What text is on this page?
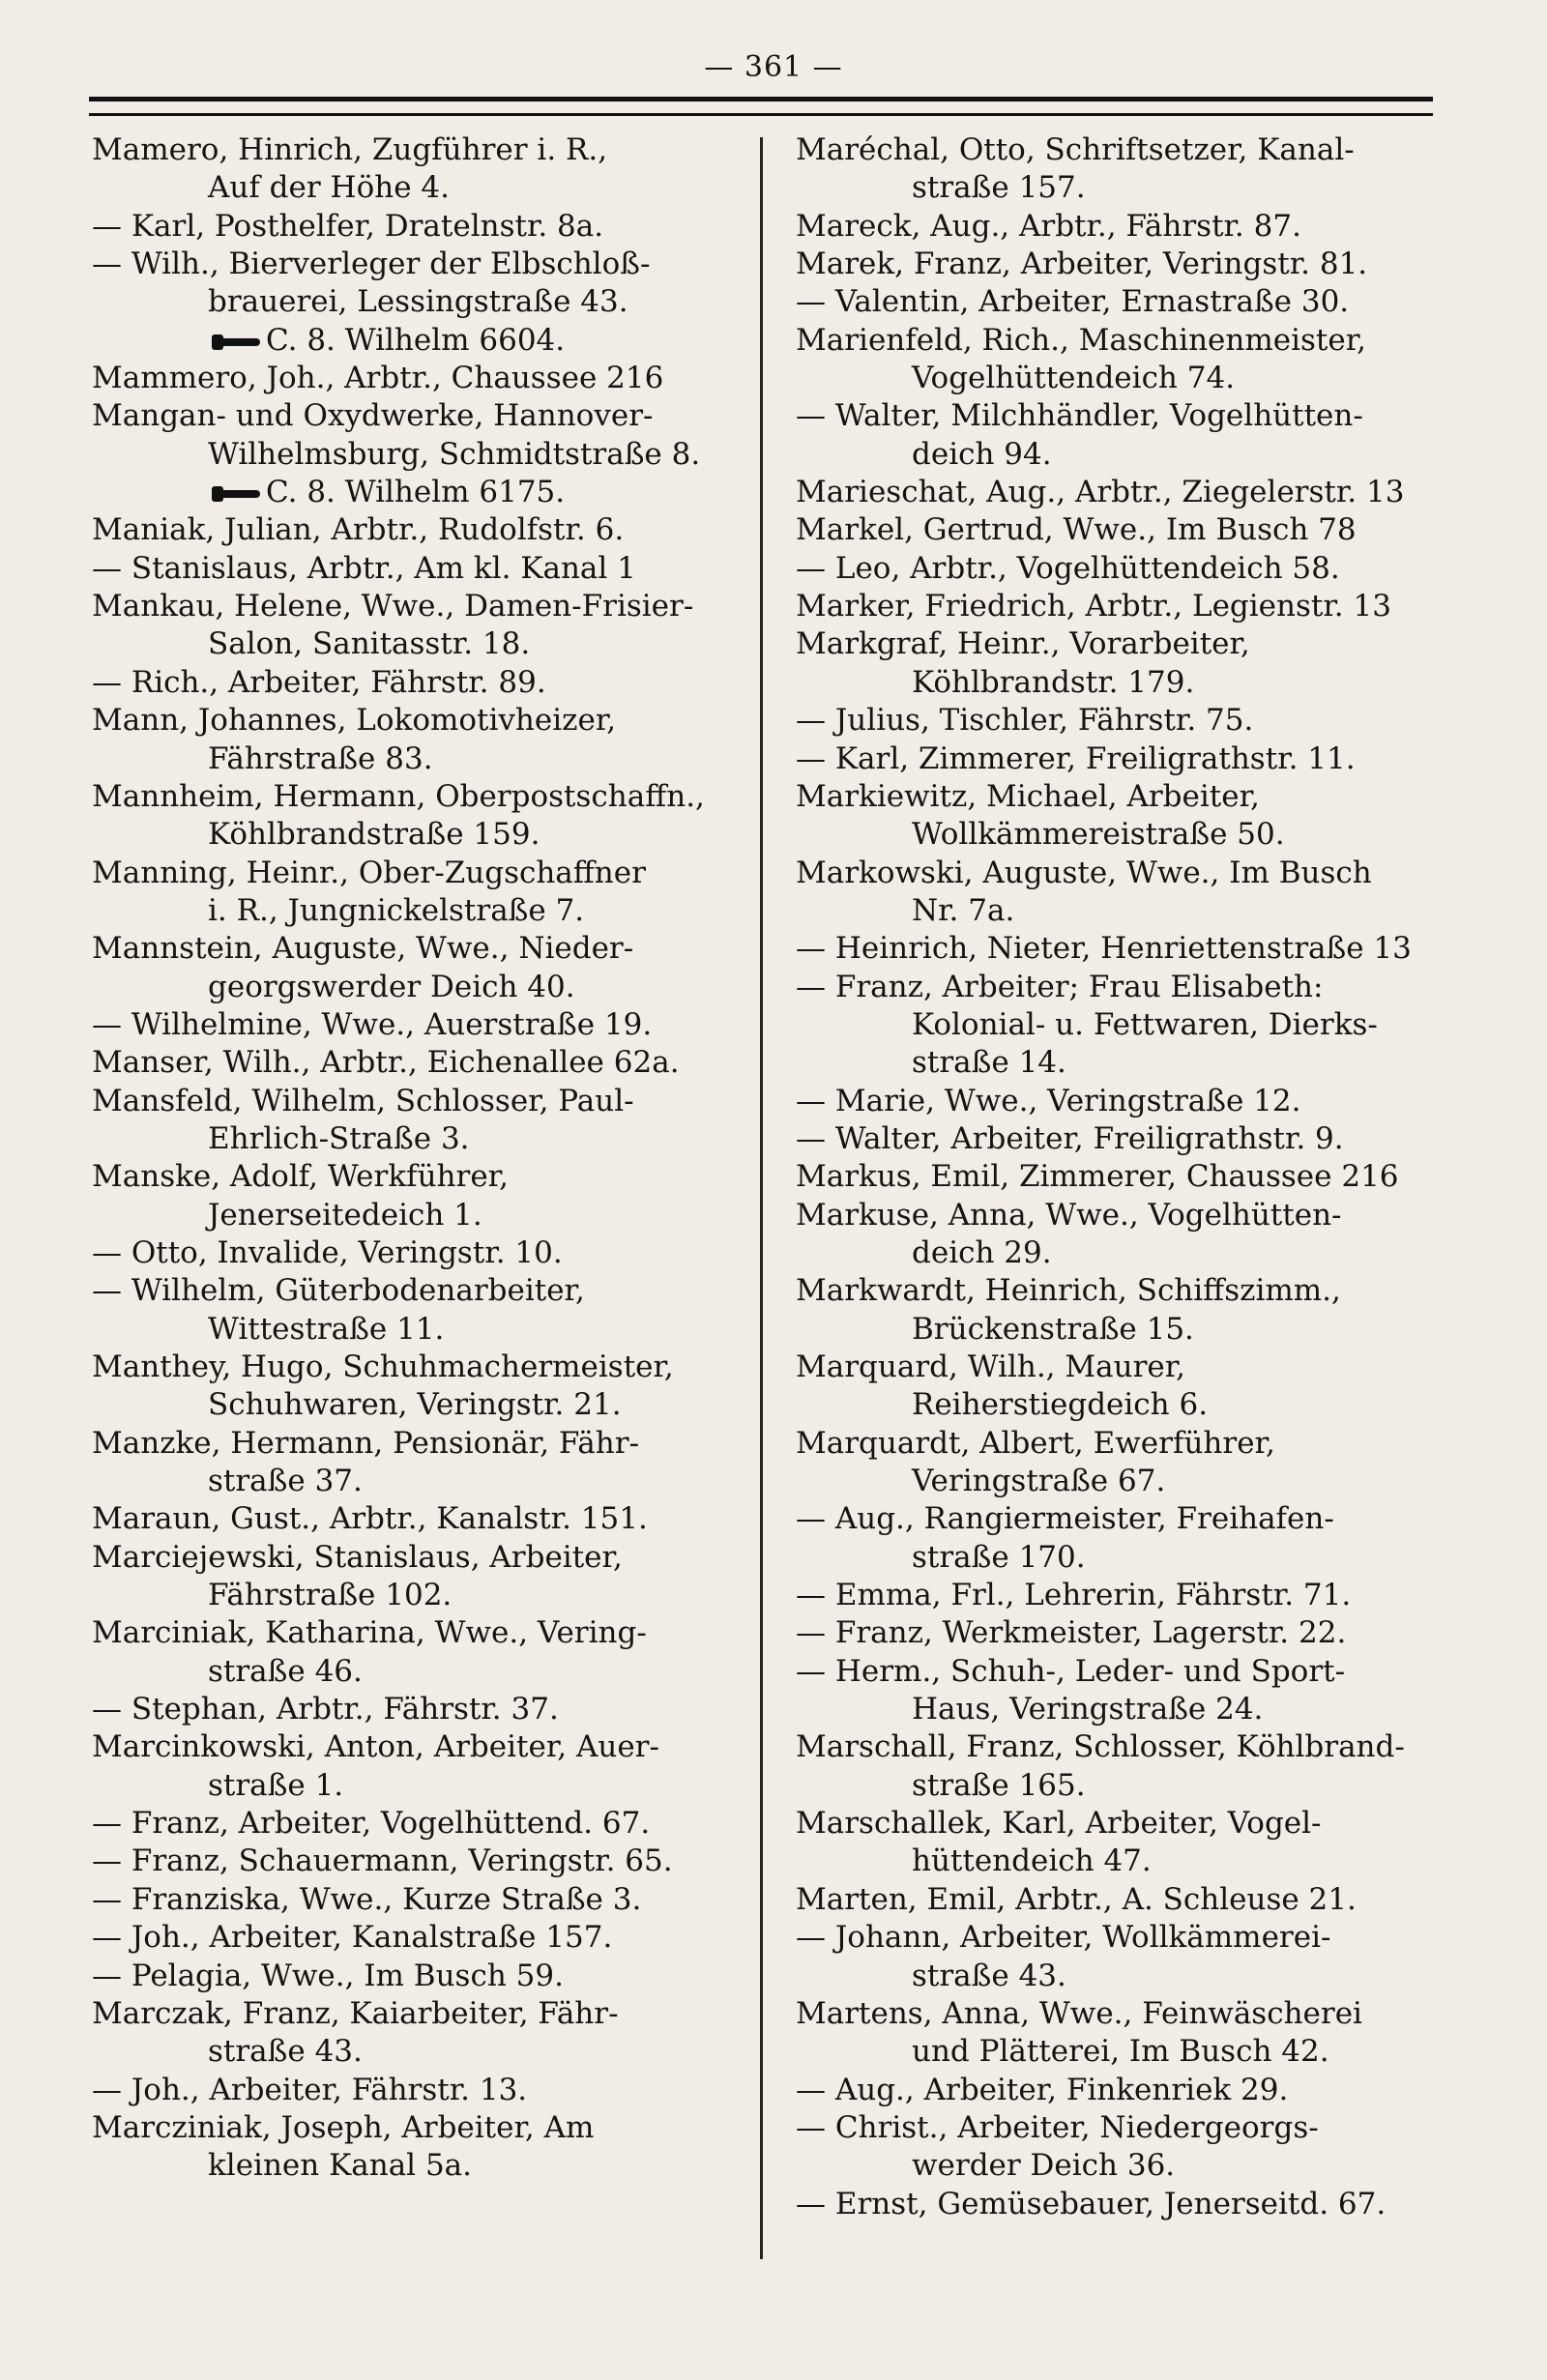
— 361 —
Mamero, Hinrich, Zugführer i. R.,
Auf der Höhe 4.
— Karl, Posthelfer, Dratelnstr. 8a.
— Wilh., Bierverleger der Elbschloß-
brauerei, Lessingstraße 43.
C. 8. Wilhelm 6604.
Mammero, Joh., Arbtr., Chaussee 216
Mangan- und Oxydwerke, Hannover-
Wilhelmsburg, Schmidtstraße 8.
C. 8. Wilhelm 6175.
Maniak, Julian, Arbtr., Rudolfstr. 6.
— Stanislaus, Arbtr., Am kl. Kanal 1
Mankau, Helene, Wwe., Damen-Frisier-
Salon, Sanitasstr. 18.
— Rich., Arbeiter, Fährstr. 89.
Mann, Johannes, Lokomotivheizer,
Fährstraße 83.
Mannheim, Hermann, Oberpostschaffn.,
Köhlbrandstraße 159.
Manning, Heinr., Ober-Zugschaffner
i. R., Jungnickelstraße 7.
Mannstein, Auguste, Wwe., Nieder-
georgswerder Deich 40.
— Wilhelmine, Wwe., Auerstraße 19.
Manser, Wilh., Arbtr., Eichenallee 62a.
Mansfeld, Wilhelm, Schlosser, Paul-
Ehrlich-Straße 3.
Manske, Adolf, Werkführer,
Jenerseitedeich 1.
— Otto, Invalide, Veringstr. 10.
— Wilhelm, Güterbodenarbeiter,
Wittestraße 11.
Manthey, Hugo, Schuhmachermeister,
Schuhwaren, Veringstr. 21.
Manzke, Hermann, Pensionär, Fähr-
straße 37.
Maraun, Gust., Arbtr., Kanalstr. 151.
Marciejewski, Stanislaus, Arbeiter,
Fährstraße 102.
Marciniak, Katharina, Wwe., Vering-
straße 46.
— Stephan, Arbtr., Fährstr. 37.
Marcinkowski, Anton, Arbeiter, Auer-
straße 1.
— Franz, Arbeiter, Vogelhüttend. 67.
— Franz, Schauermann, Veringstr. 65.
— Franziska, Wwe., Kurze Straße 3.
— Joh., Arbeiter, Kanalstraße 157.
— Pelagia, Wwe., Im Busch 59.
Marczak, Franz, Kaiarbeiter, Fähr-
straße 43.
— Joh., Arbeiter, Fährstr. 13.
Marcziniak, Joseph, Arbeiter, Am
kleinen Kanal 5a.
Maréchal, Otto, Schriftsetzer, Kanal-
straße 157.
Mareck, Aug., Arbtr., Fährstr. 87.
Marek, Franz, Arbeiter, Veringstr. 81.
— Valentin, Arbeiter, Ernastraße 30.
Marienfeld, Rich., Maschinenmeister,
Vogelhüttendeich 74.
— Walter, Milchhändler, Vogelhütten-
deich 94.
Marieschat, Aug., Arbtr., Ziegelerstr. 13
Markel, Gertrud, Wwe., Im Busch 78
— Leo, Arbtr., Vogelhüttendeich 58.
Marker, Friedrich, Arbtr., Legienstr. 13
Markgraf, Heinr., Vorarbeiter,
Köhlbrandstr. 179.
— Julius, Tischler, Fährstr. 75.
— Karl, Zimmerer, Freiligrathstr. 11.
Markiewitz, Michael, Arbeiter,
Wollkämmereistraße 50.
Markowski, Auguste, Wwe., Im Busch
Nr. 7a.
— Heinrich, Nieter, Henriettenstraße 13
— Franz, Arbeiter; Frau Elisabeth:
Kolonial- u. Fettwaren, Dierks-
straße 14.
— Marie, Wwe., Veringstraße 12.
— Walter, Arbeiter, Freiligrathstr. 9.
Markus, Emil, Zimmerer, Chaussee 216
Markuse, Anna, Wwe., Vogelhütten-
deich 29.
Markwardt, Heinrich, Schiffszimm.,
Brückenstraße 15.
Marquard, Wilh., Maurer,
Reiherstiegdeich 6.
Marquardt, Albert, Ewerführer,
Veringstraße 67.
— Aug., Rangiermeister, Freihafen-
straße 170.
— Emma, Frl., Lehrerin, Fährstr. 71.
— Franz, Werkmeister, Lagerstr. 22.
— Herm., Schuh-, Leder- und Sport-
Haus, Veringstraße 24.
Marschall, Franz, Schlosser, Köhlbrand-
straße 165.
Marschallek, Karl, Arbeiter, Vogel-
hüttendeich 47.
Marten, Emil, Arbtr., A. Schleuse 21.
— Johann, Arbeiter, Wollkämmerei-
straße 43.
Martens, Anna, Wwe., Feinwäscherei
und Plätterei, Im Busch 42.
— Aug., Arbeiter, Finkenriek 29.
— Christ., Arbeiter, Niedergeorgs-
werder Deich 36.
— Ernst, Gemüsebauer, Jenerseitd. 67.
